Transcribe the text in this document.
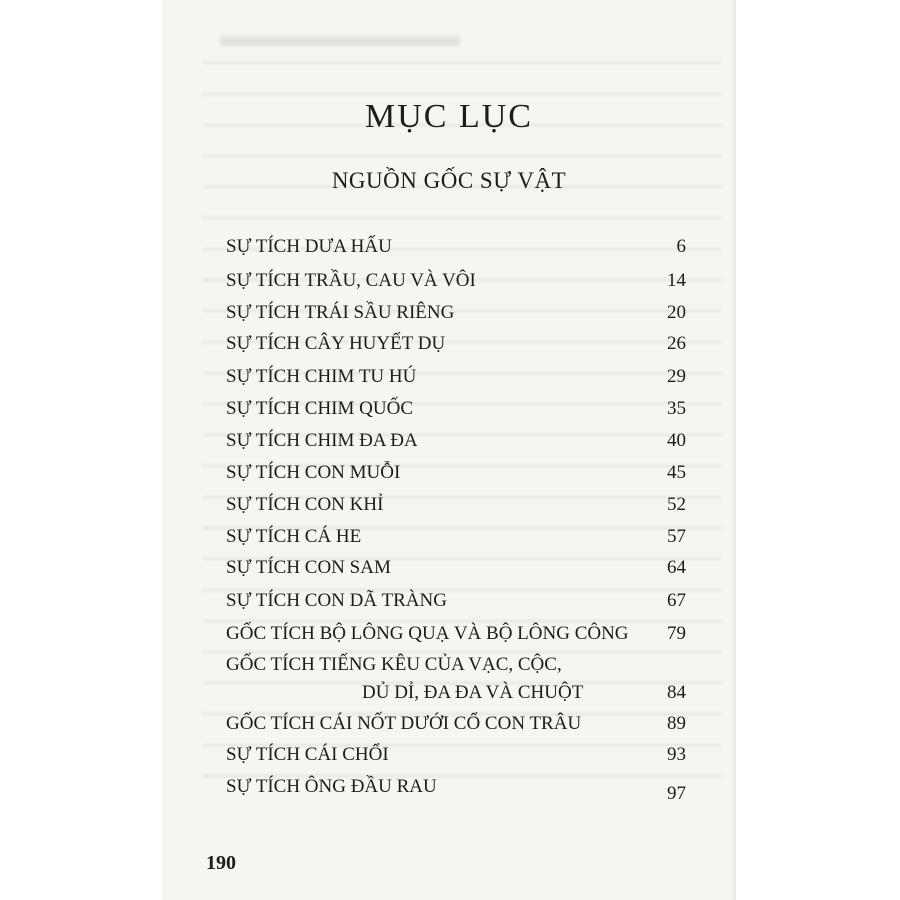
MỤC LỤC
NGUỒN GỐC SỰ VẬT
SỰ TÍCH DƯA HẤU	6
SỰ TÍCH TRẦU, CAU VÀ VÔI	14
SỰ TÍCH TRÁI SẦU RIÊNG	20
SỰ TÍCH CÂY HUYẾT DỤ	26
SỰ TÍCH CHIM TU HÚ	29
SỰ TÍCH CHIM QUỐC	35
SỰ TÍCH CHIM ĐA ĐA	40
SỰ TÍCH CON MUỖI	45
SỰ TÍCH CON KHỈ	52
SỰ TÍCH CÁ HE	57
SỰ TÍCH CON SAM	64
SỰ TÍCH CON DÃ TRÀNG	67
GỐC TÍCH BỘ LÔNG QUẠ VÀ BỘ LÔNG CÔNG 79
GỐC TÍCH TIẾNG KÊU CỦA VẠC, CỘC,
DỦ DỈ, ĐA ĐA VÀ CHUỘT	84
GỐC TÍCH CÁI NỐT DƯỚI CỔ CON TRÂU	89
SỰ TÍCH CÁI CHỔI	93
SỰ TÍCH ÔNG ĐẦU RAU	97
190
